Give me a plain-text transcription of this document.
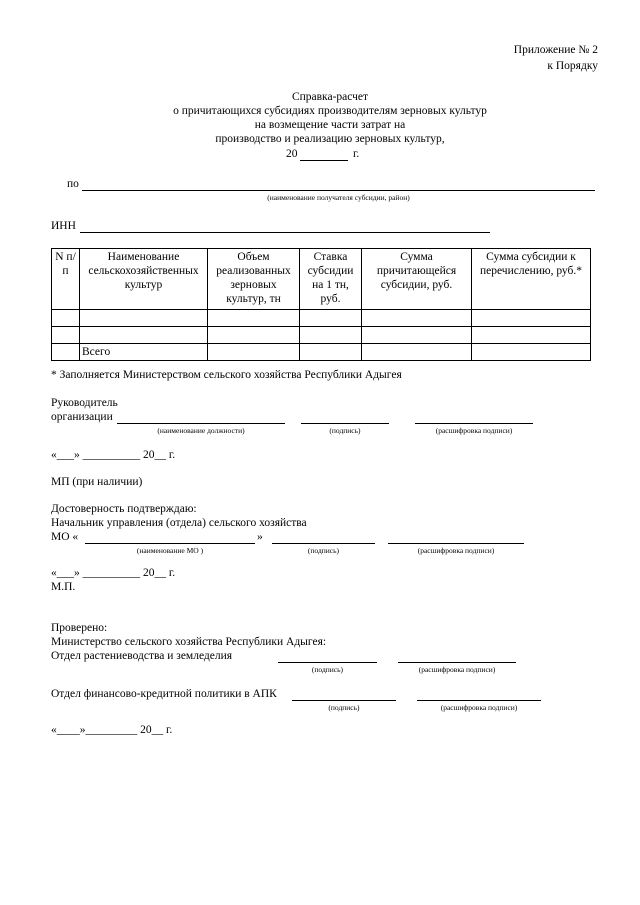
Приложение № 2
к Порядку
Справка-расчет
о причитающихся субсидиях производителям зерновых культур
на возмещение части затрат на
производство и реализацию зерновых культур,
20	г.
по
(наименование получателя субсидии, район)
ИНН
N п/п	Наименование сельскохозяйственных культур	Объем реализованных зерновых культур, тн	Ставка субсидии на 1 тн, руб.	Сумма причитающейся субсидии, руб.	Сумма субсидии к перечислению, руб.*

	Всего				
* Заполняется Министерством сельского хозяйства Республики Адыгея
Руководитель
организации
(наименование должности)	(подпись)	(расшифровка подписи)
«___» __________ 20__ г.
МП (при наличии)
Достоверность подтверждаю:
Начальник управления (отдела) сельского хозяйства
МО «	»
(наименование МО )	(подпись)	(расшифровка подписи)
«___» __________ 20__ г.
М.П.
Проверено:
Министерство сельского хозяйства Республики Адыгея:
Отдел растениеводства и земледелия
(подпись)	(расшифровка подписи)
Отдел финансово-кредитной политики в АПК
(подпись)	(расшифровка подписи)
«____»_________ 20__ г.
